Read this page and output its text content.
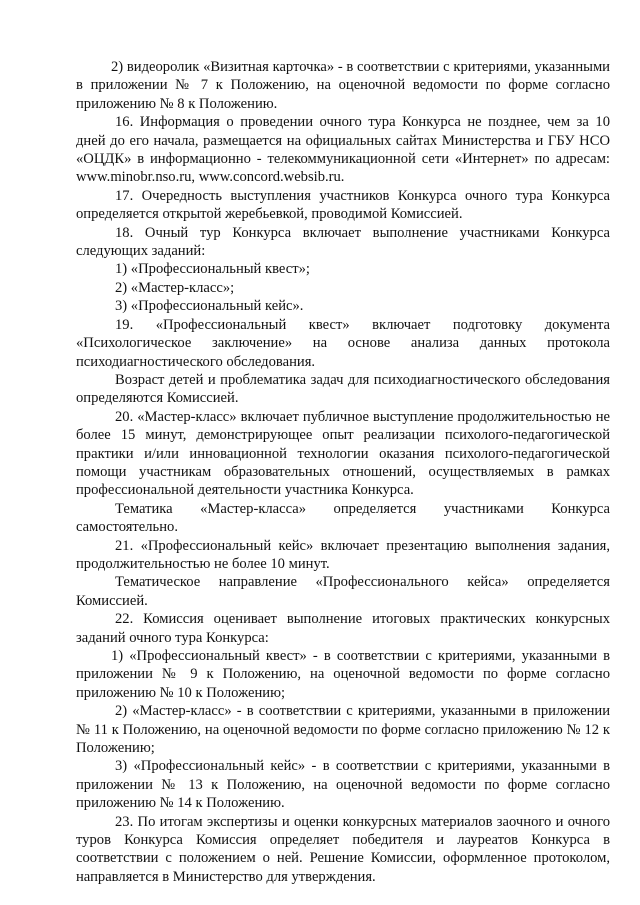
2) видеоролик «Визитная карточка» - в соответствии с критериями, указанными в приложении № 7 к Положению, на оценочной ведомости по форме согласно приложению № 8 к Положению.

16. Информация о проведении очного тура Конкурса не позднее, чем за 10 дней до его начала, размещается на официальных сайтах Министерства и ГБУ НСО «ОЦДК» в информационно - телекоммуникационной сети «Интернет» по адресам: www.minobr.nso.ru, www.concord.websib.ru.

17. Очередность выступления участников Конкурса очного тура Конкурса определяется открытой жеребьевкой, проводимой Комиссией.

18. Очный тур Конкурса включает выполнение участниками Конкурса следующих заданий:

1) «Профессиональный квест»;

2) «Мастер-класс»;

3) «Профессиональный кейс».

19. «Профессиональный квест» включает подготовку документа «Психологическое заключение» на основе анализа данных протокола психодиагностического обследования.

Возраст детей и проблематика задач для психодиагностического обследования определяются Комиссией.

20. «Мастер-класс» включает публичное выступление продолжительностью не более 15 минут, демонстрирующее опыт реализации психолого-педагогической практики и/или инновационной технологии оказания психолого-педагогической помощи участникам образовательных отношений, осуществляемых в рамках профессиональной деятельности участника Конкурса.

Тематика «Мастер-класса» определяется участниками Конкурса самостоятельно.

21. «Профессиональный кейс» включает презентацию выполнения задания, продолжительностью не более 10 минут.

Тематическое направление «Профессионального кейса» определяется Комиссией.

22. Комиссия оценивает выполнение итоговых практических конкурсных заданий очного тура Конкурса:

1) «Профессиональный квест» - в соответствии с критериями, указанными в приложении № 9 к Положению, на оценочной ведомости по форме согласно приложению № 10 к Положению;

2) «Мастер-класс» - в соответствии с критериями, указанными в приложении № 11 к Положению, на оценочной ведомости по форме согласно приложению № 12 к Положению;

3) «Профессиональный кейс» - в соответствии с критериями, указанными в приложении № 13 к Положению, на оценочной ведомости по форме согласно приложению № 14 к Положению.

23. По итогам экспертизы и оценки конкурсных материалов заочного и очного туров Конкурса Комиссия определяет победителя и лауреатов Конкурса в соответствии с положением о ней. Решение Комиссии, оформленное протоколом, направляется в Министерство для утверждения.
